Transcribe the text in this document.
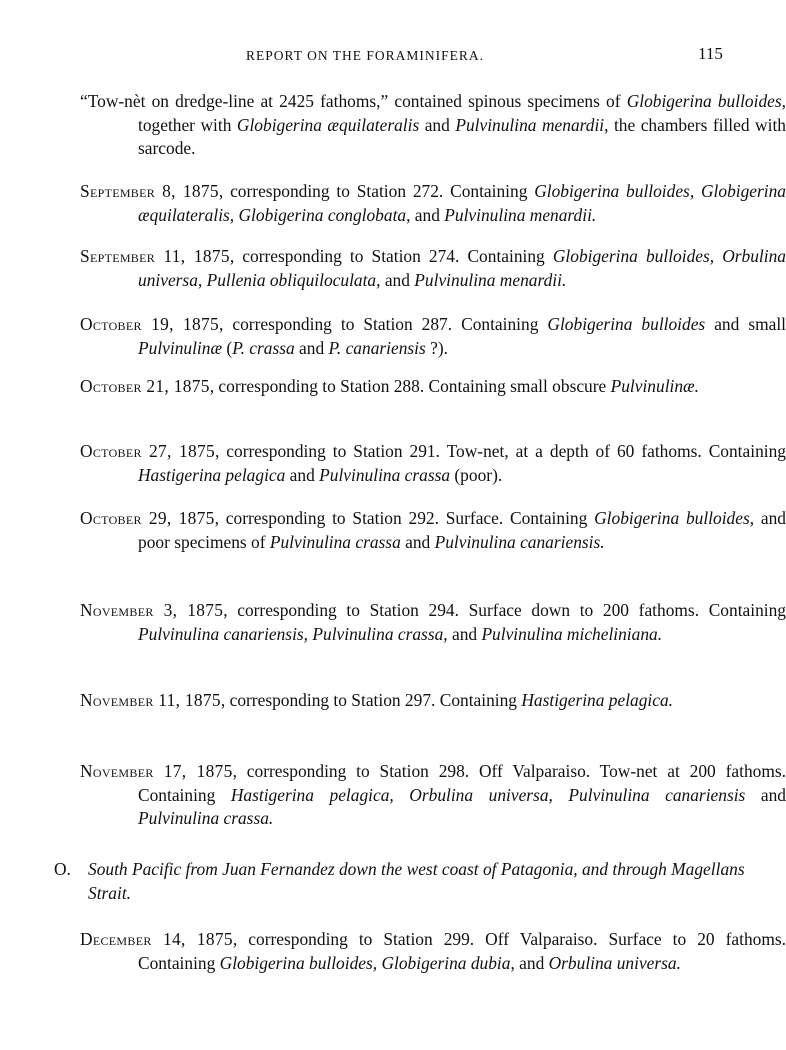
REPORT ON THE FORAMINIFERA.	115

“Tow-nèt on dredge-line at 2425 fathoms,” contained spinous specimens of Globigerina bulloides, together with Globigerina æquilateralis and Pulvinulina menardii, the chambers filled with sarcode.

September 8, 1875, corresponding to Station 272. Containing Globigerina bulloides, Globigerina æquilateralis, Globigerina conglobata, and Pulvinulina menardii.

September 11, 1875, corresponding to Station 274. Containing Globigerina bulloides, Orbulina universa, Pullenia obliquiloculata, and Pulvinulina menardii.

October 19, 1875, corresponding to Station 287. Containing Globigerina bulloides and small Pulvinulinæ (P. crassa and P. canariensis ?).

October 21, 1875, corresponding to Station 288. Containing small obscure Pulvinulinæ.

October 27, 1875, corresponding to Station 291. Tow-net, at a depth of 60 fathoms. Containing Hastigerina pelagica and Pulvinulina crassa (poor).

October 29, 1875, corresponding to Station 292. Surface. Containing Globigerina bulloides, and poor specimens of Pulvinulina crassa and Pulvinulina canariensis.

November 3, 1875, corresponding to Station 294. Surface down to 200 fathoms. Containing Pulvinulina canariensis, Pulvinulina crassa, and Pulvinulina micheliniana.

November 11, 1875, corresponding to Station 297. Containing Hastigerina pelagica.

November 17, 1875, corresponding to Station 298. Off Valparaiso. Tow-net at 200 fathoms. Containing Hastigerina pelagica, Orbulina universa, Pulvinulina canariensis and Pulvinulina crassa.

O. South Pacific from Juan Fernandez down the west coast of Patagonia, and through Magellans Strait.

December 14, 1875, corresponding to Station 299. Off Valparaiso. Surface to 20 fathoms. Containing Globigerina bulloides, Globigerina dubia, and Orbulina universa.
